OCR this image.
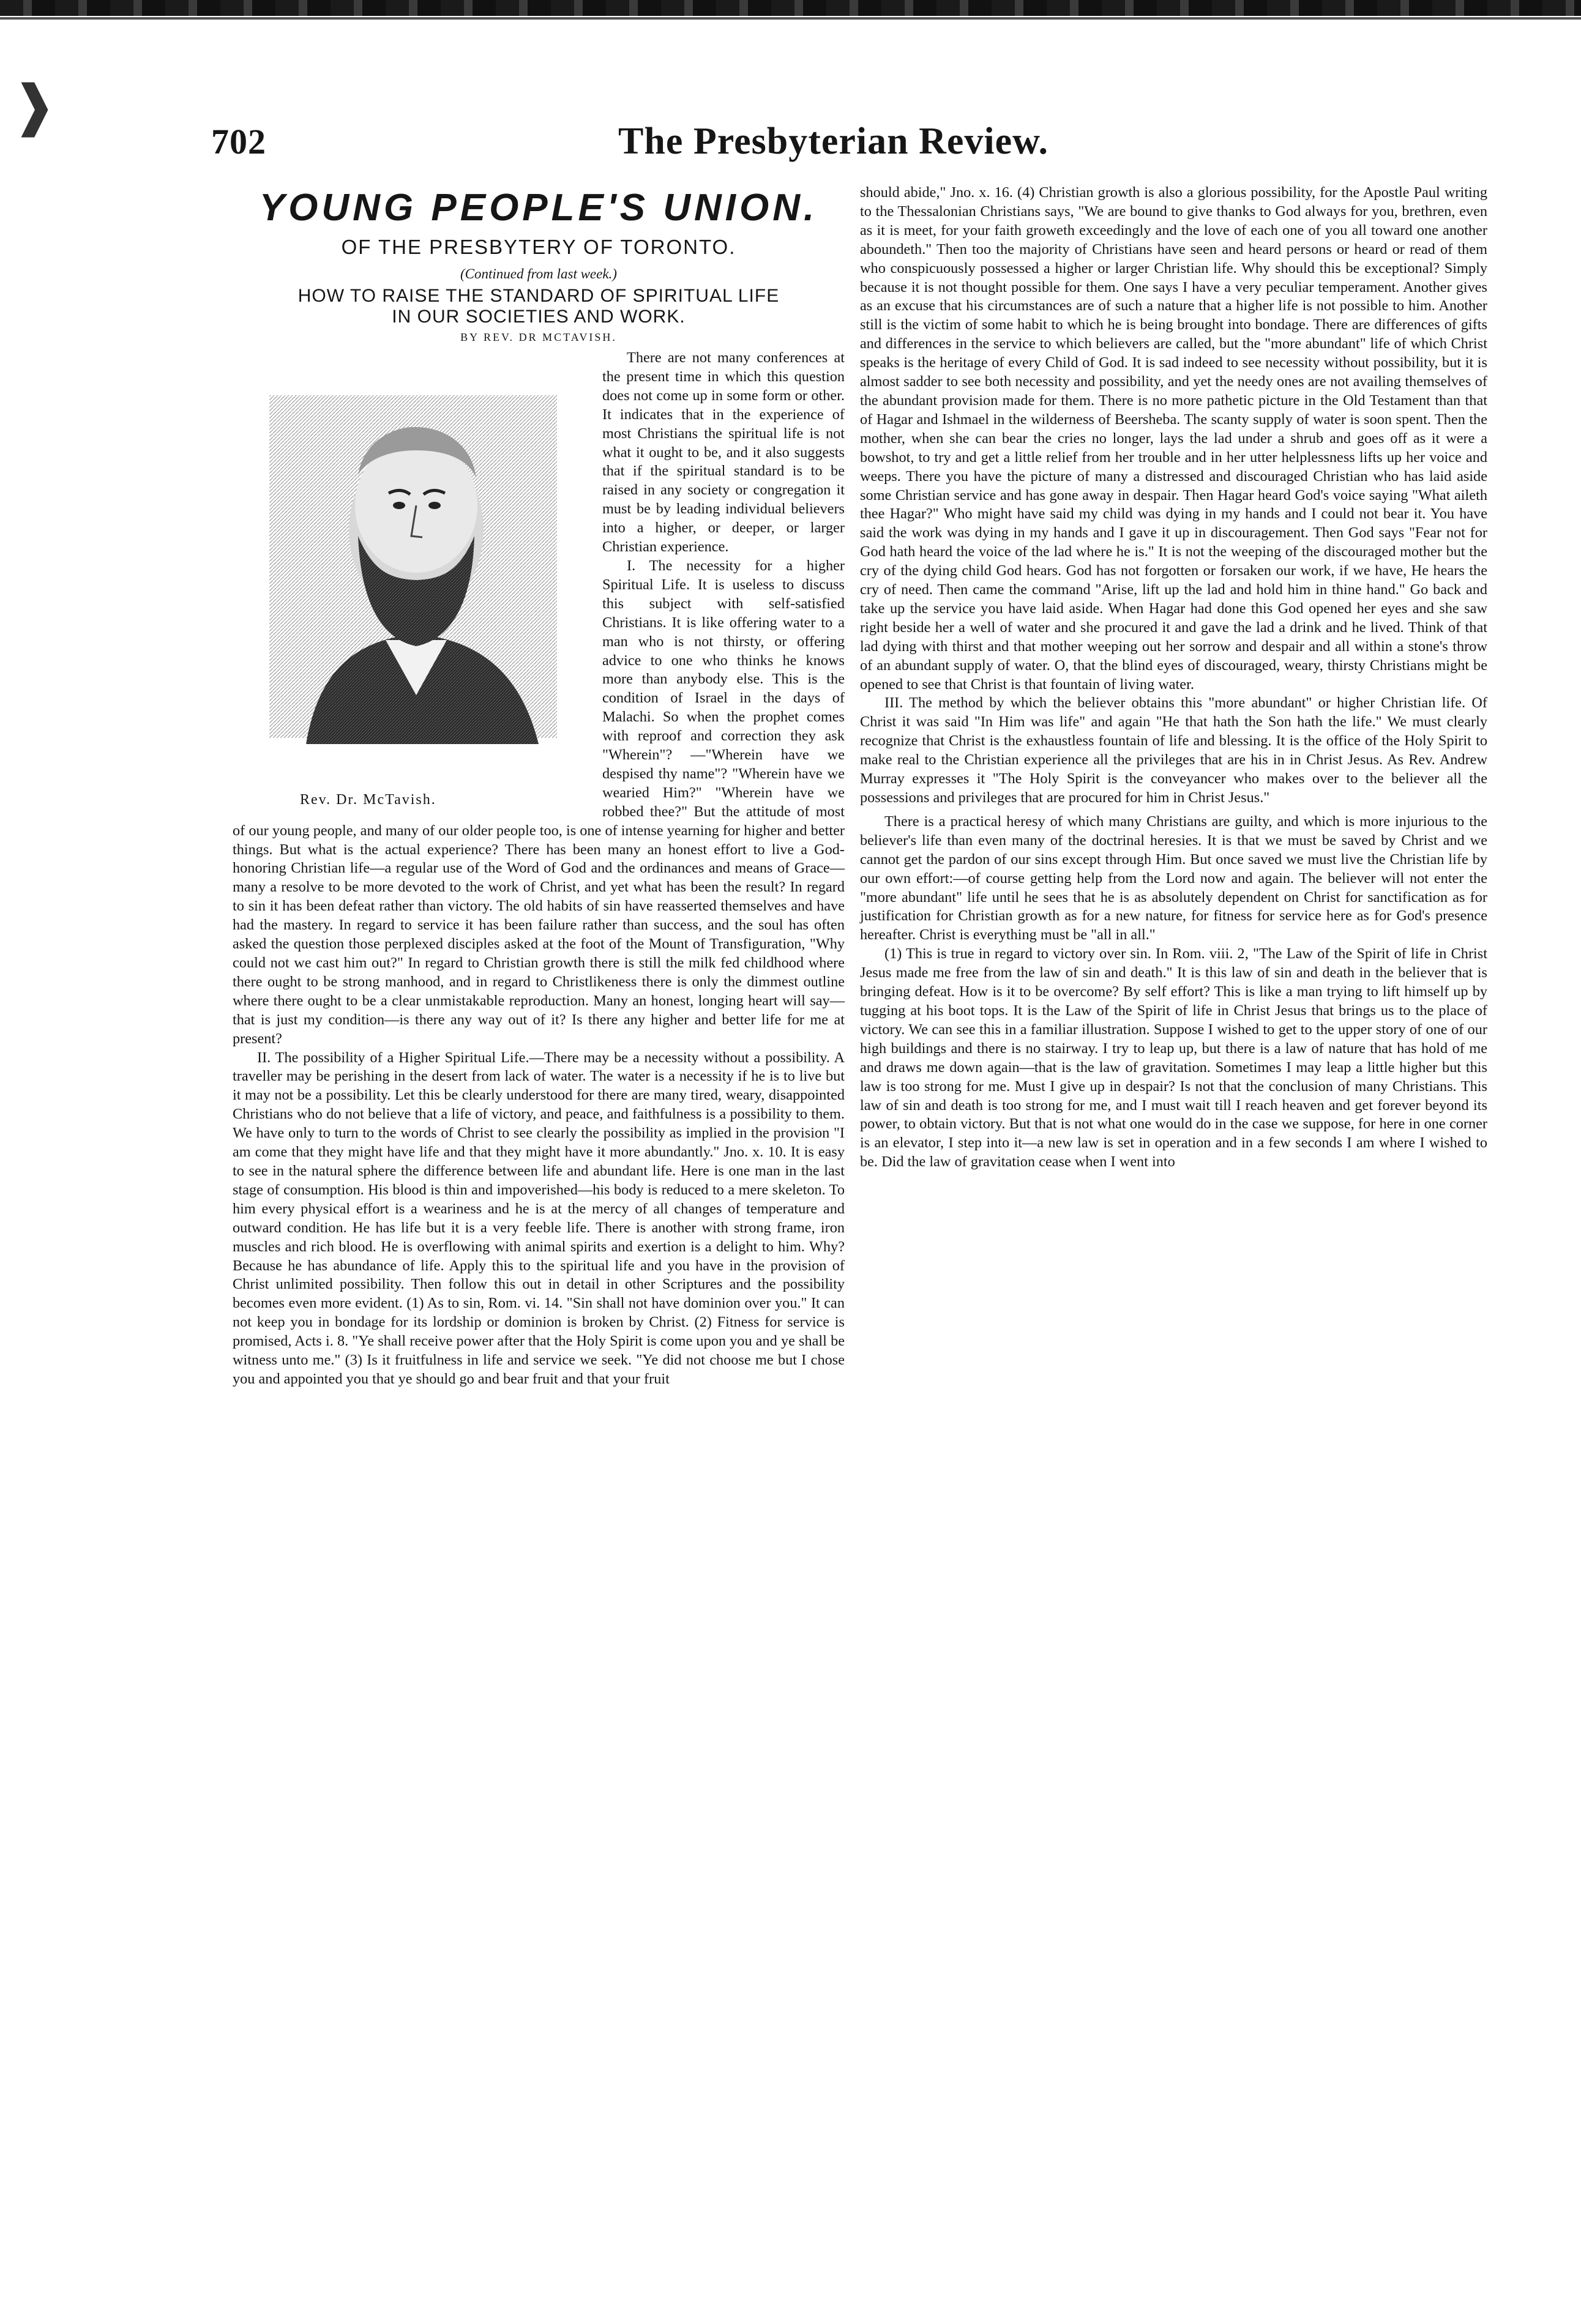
❱
702	The Presbyterian Review.
YOUNG PEOPLE'S UNION.
OF THE PRESBYTERY OF TORONTO.
(Continued from last week.)
HOW TO RAISE THE STANDARD OF SPIRITUAL LIFE
IN OUR SOCIETIES AND WORK.
BY REV. DR MCTAVISH.
Rev. Dr. McTavish.

There are not many conferences at the present time in which this question does not come up in some form or other. It indicates that in the experience of most Christians the spiritual life is not what it ought to be, and it also suggests that if the spiritual standard is to be raised in any society or congregation it must be by leading individual believers into a higher, or deeper, or larger Christian experience.

I. The necessity for a higher Spiritual Life. It is useless to discuss this subject with self-satisfied Christians. It is like offering water to a man who is not thirsty, or offering advice to one who thinks he knows more than anybody else. This is the condition of Israel in the days of Malachi. So when the prophet comes with reproof and correction they ask "Wherein"? —"Wherein have we despised thy name"? "Wherein have we wearied Him?" "Wherein have we robbed thee?" But the attitude of most of our young people, and many of our older people too, is one of intense yearning for higher and better things. But what is the actual experience? There has been many an honest effort to live a God-honoring Christian life—a regular use of the Word of God and the ordinances and means of Grace—many a resolve to be more devoted to the work of Christ, and yet what has been the result? In regard to sin it has been defeat rather than victory. The old habits of sin have reasserted themselves and have had the mastery. In regard to service it has been failure rather than success, and the soul has often asked the question those perplexed disciples asked at the foot of the Mount of Transfiguration, "Why could not we cast him out?" In regard to Christian growth there is still the milk fed childhood where there ought to be strong manhood, and in regard to Christlikeness there is only the dimmest outline where there ought to be a clear unmistakable reproduction. Many an honest, longing heart will say—that is just my condition—is there any way out of it? Is there any higher and better life for me at present?

II. The possibility of a Higher Spiritual Life.—There may be a necessity without a possibility. A traveller may be perishing in the desert from lack of water. The water is a necessity if he is to live but it may not be a possibility. Let this be clearly understood for there are many tired, weary, disappointed Christians who do not believe that a life of victory, and peace, and faithfulness is a possibility to them. We have only to turn to the words of Christ to see clearly the possibility as implied in the provision "I am come that they might have life and that they might have it more abundantly." Jno. x. 10. It is easy to see in the natural sphere the difference between life and abundant life. Here is one man in the last stage of consumption. His blood is thin and impoverished—his body is reduced to a mere skeleton. To him every physical effort is a weariness and he is at the mercy of all changes of temperature and outward condition. He has life but it is a very feeble life. There is another with strong frame, iron muscles and rich blood. He is overflowing with animal spirits and exertion is a delight to him. Why? Because he has abundance of life. Apply this to the spiritual life and you have in the provision of Christ unlimited possibility. Then follow this out in detail in other Scriptures and the possibility becomes even more evident. (1) As to sin, Rom. vi. 14. "Sin shall not have dominion over you." It can not keep you in bondage for its lordship or dominion is broken by Christ. (2) Fitness for service is promised, Acts i. 8. "Ye shall receive power after that the Holy Spirit is come upon you and ye shall be witness unto me." (3) Is it fruitfulness in life and service we seek. "Ye did not choose me but I chose you and appointed you that ye should go and bear fruit and that your fruit

should abide," Jno. x. 16. (4) Christian growth is also a glorious possibility, for the Apostle Paul writing to the Thessalonian Christians says, "We are bound to give thanks to God always for you, brethren, even as it is meet, for your faith groweth exceedingly and the love of each one of you all toward one another aboundeth." Then too the majority of Christians have seen and heard persons or heard or read of them who conspicuously possessed a higher or larger Christian life. Why should this be exceptional? Simply because it is not thought possible for them. One says I have a very peculiar temperament. Another gives as an excuse that his circumstances are of such a nature that a higher life is not possible to him. Another still is the victim of some habit to which he is being brought into bondage. There are differences of gifts and differences in the service to which believers are called, but the "more abundant" life of which Christ speaks is the heritage of every Child of God. It is sad indeed to see necessity without possibility, but it is almost sadder to see both necessity and possibility, and yet the needy ones are not availing themselves of the abundant provision made for them. There is no more pathetic picture in the Old Testament than that of Hagar and Ishmael in the wilderness of Beersheba. The scanty supply of water is soon spent. Then the mother, when she can bear the cries no longer, lays the lad under a shrub and goes off as it were a bowshot, to try and get a little relief from her trouble and in her utter helplessness lifts up her voice and weeps. There you have the picture of many a distressed and discouraged Christian who has laid aside some Christian service and has gone away in despair. Then Hagar heard God's voice saying "What aileth thee Hagar?" Who might have said my child was dying in my hands and I could not bear it. You have said the work was dying in my hands and I gave it up in discouragement. Then God says "Fear not for God hath heard the voice of the lad where he is." It is not the weeping of the discouraged mother but the cry of the dying child God hears. God has not forgotten or forsaken our work, if we have, He hears the cry of need. Then came the command "Arise, lift up the lad and hold him in thine hand." Go back and take up the service you have laid aside. When Hagar had done this God opened her eyes and she saw right beside her a well of water and she procured it and gave the lad a drink and he lived. Think of that lad dying with thirst and that mother weeping out her sorrow and despair and all within a stone's throw of an abundant supply of water. O, that the blind eyes of discouraged, weary, thirsty Christians might be opened to see that Christ is that fountain of living water.

III. The method by which the believer obtains this "more abundant" or higher Christian life. Of Christ it was said "In Him was life" and again "He that hath the Son hath the life." We must clearly recognize that Christ is the exhaustless fountain of life and blessing. It is the office of the Holy Spirit to make real to the Christian experience all the privileges that are his in in Christ Jesus. As Rev. Andrew Murray expresses it "The Holy Spirit is the conveyancer who makes over to the believer all the possessions and privileges that are procured for him in Christ Jesus."

There is a practical heresy of which many Christians are guilty, and which is more injurious to the believer's life than even many of the doctrinal heresies. It is that we must be saved by Christ and we cannot get the pardon of our sins except through Him. But once saved we must live the Christian life by our own effort:—of course getting help from the Lord now and again. The believer will not enter the "more abundant" life until he sees that he is as absolutely dependent on Christ for sanctification as for justification for Christian growth as for a new nature, for fitness for service here as for God's presence hereafter. Christ is everything must be "all in all."

(1) This is true in regard to victory over sin. In Rom. viii. 2, "The Law of the Spirit of life in Christ Jesus made me free from the law of sin and death." It is this law of sin and death in the believer that is bringing defeat. How is it to be overcome? By self effort? This is like a man trying to lift himself up by tugging at his boot tops. It is the Law of the Spirit of life in Christ Jesus that brings us to the place of victory. We can see this in a familiar illustration. Suppose I wished to get to the upper story of one of our high buildings and there is no stairway. I try to leap up, but there is a law of nature that has hold of me and draws me down again—that is the law of gravitation. Sometimes I may leap a little higher but this law is too strong for me. Must I give up in despair? Is not that the conclusion of many Christians. This law of sin and death is too strong for me, and I must wait till I reach heaven and get forever beyond its power, to obtain victory. But that is not what one would do in the case we suppose, for here in one corner is an elevator, I step into it—a new law is set in operation and in a few seconds I am where I wished to be. Did the law of gravitation cease when I went into
